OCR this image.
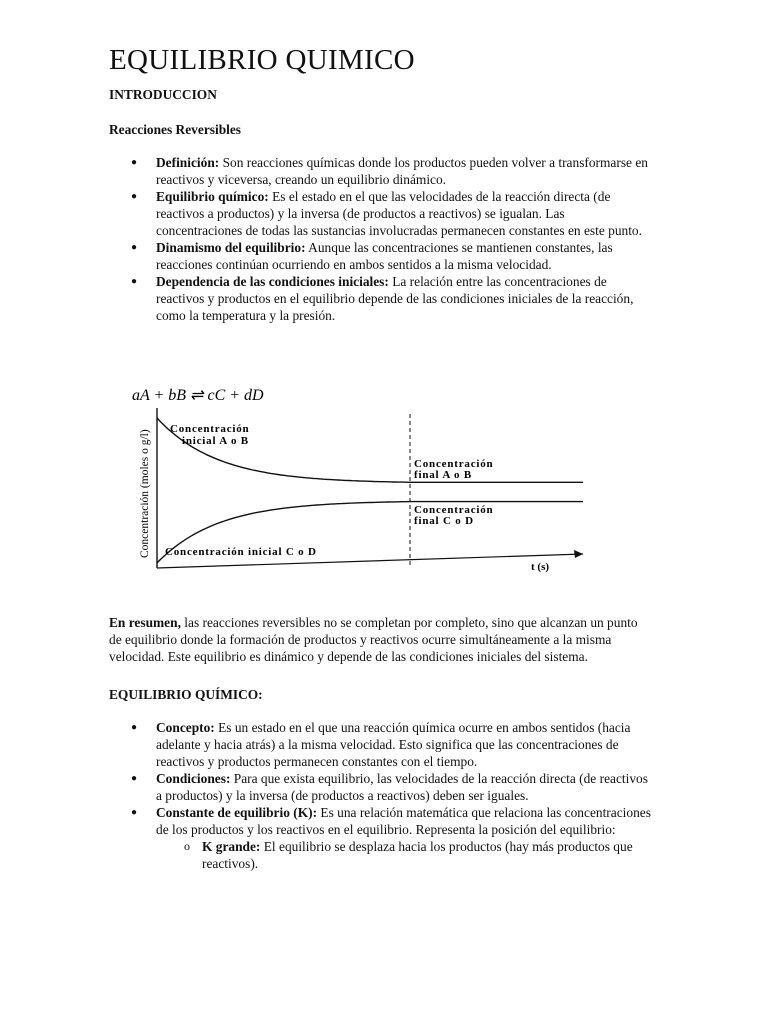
EQUILIBRIO QUIMICO

INTRODUCCION

Reacciones Reversibles

● Definición: Son reacciones químicas donde los productos pueden volver a transformarse en reactivos y viceversa, creando un equilibrio dinámico.
● Equilibrio químico: Es el estado en el que las velocidades de la reacción directa (de reactivos a productos) y la inversa (de productos a reactivos) se igualan. Las concentraciones de todas las sustancias involucradas permanecen constantes en este punto.
● Dinamismo del equilibrio: Aunque las concentraciones se mantienen constantes, las reacciones continúan ocurriendo en ambos sentidos a la misma velocidad.
● Dependencia de las condiciones iniciales: La relación entre las concentraciones de reactivos y productos en el equilibrio depende de las condiciones iniciales de la reacción, como la temperatura y la presión.
aA + bB ⇌ cC + dD
Concentración (moles o g/l)
t (s)
Concentración
inicial A o B
Concentración
final A o B
Concentración
final C o D
Concentración inicial C o D

En resumen, las reacciones reversibles no se completan por completo, sino que alcanzan un punto de equilibrio donde la formación de productos y reactivos ocurre simultáneamente a la misma velocidad. Este equilibrio es dinámico y depende de las condiciones iniciales del sistema.

EQUILIBRIO QUÍMICO:

● Concepto: Es un estado en el que una reacción química ocurre en ambos sentidos (hacia adelante y hacia atrás) a la misma velocidad. Esto significa que las concentraciones de reactivos y productos permanecen constantes con el tiempo.
● Condiciones: Para que exista equilibrio, las velocidades de la reacción directa (de reactivos a productos) y la inversa (de productos a reactivos) deben ser iguales.
● Constante de equilibrio (K): Es una relación matemática que relaciona las concentraciones de los productos y los reactivos en el equilibrio. Representa la posición del equilibrio:
o K grande: El equilibrio se desplaza hacia los productos (hay más productos que reactivos).
